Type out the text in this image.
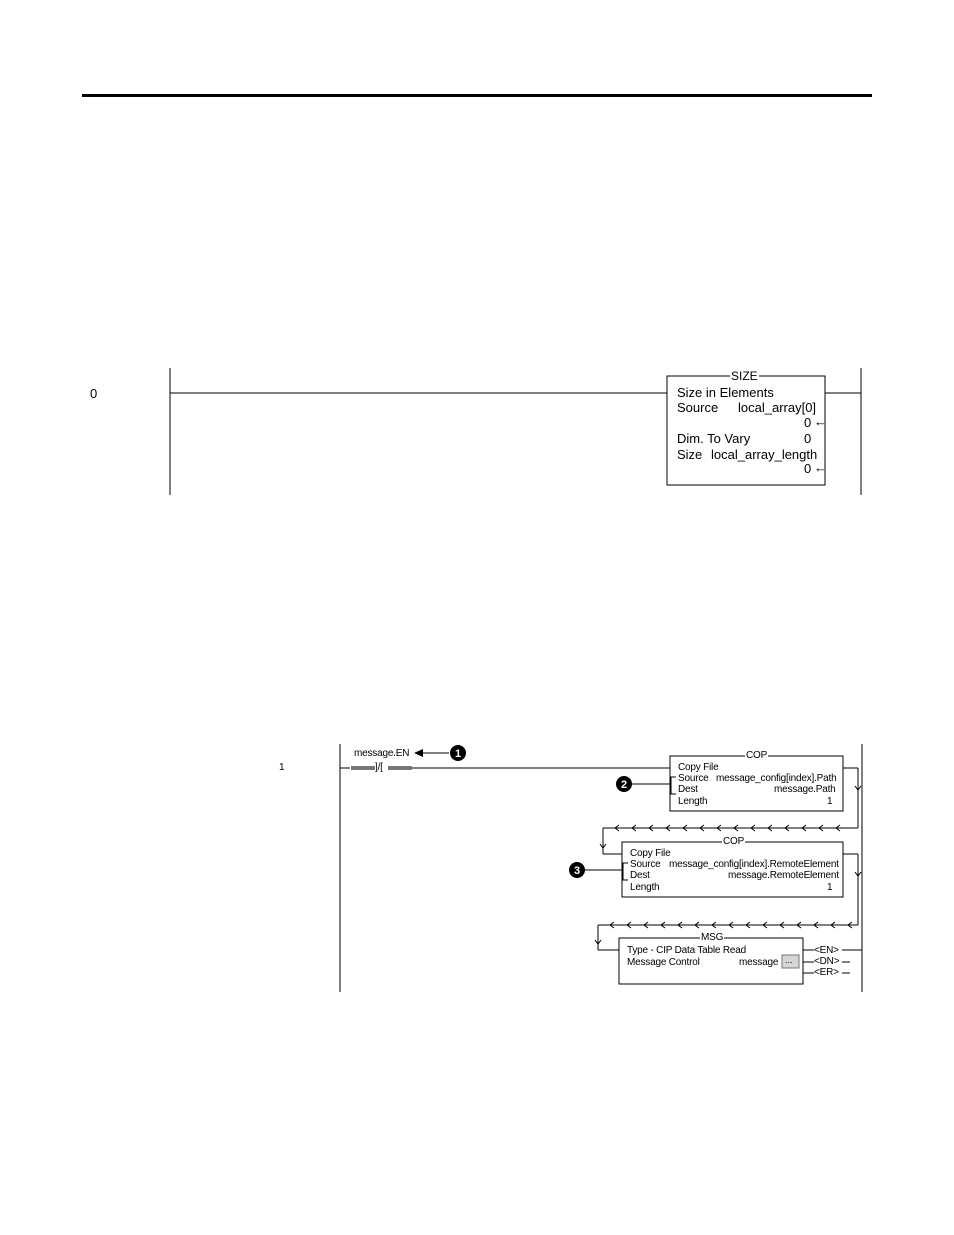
1
2
3
0
SIZE
Size in Elements
Source local_array[0]
0 ←
Dim. To Vary	0
Size local_array_length
0 ←
1
message.EN
]/[
COP
Copy File
Source message_config[index].Path
Dest	message.Path
Length	1
COP
Copy File
Source message_config[index].RemoteElement
Dest	message.RemoteElement
Length	1
MSG
Type - CIP Data Table Read
Message Control	message ...
<EN>
<DN>
<ER>
